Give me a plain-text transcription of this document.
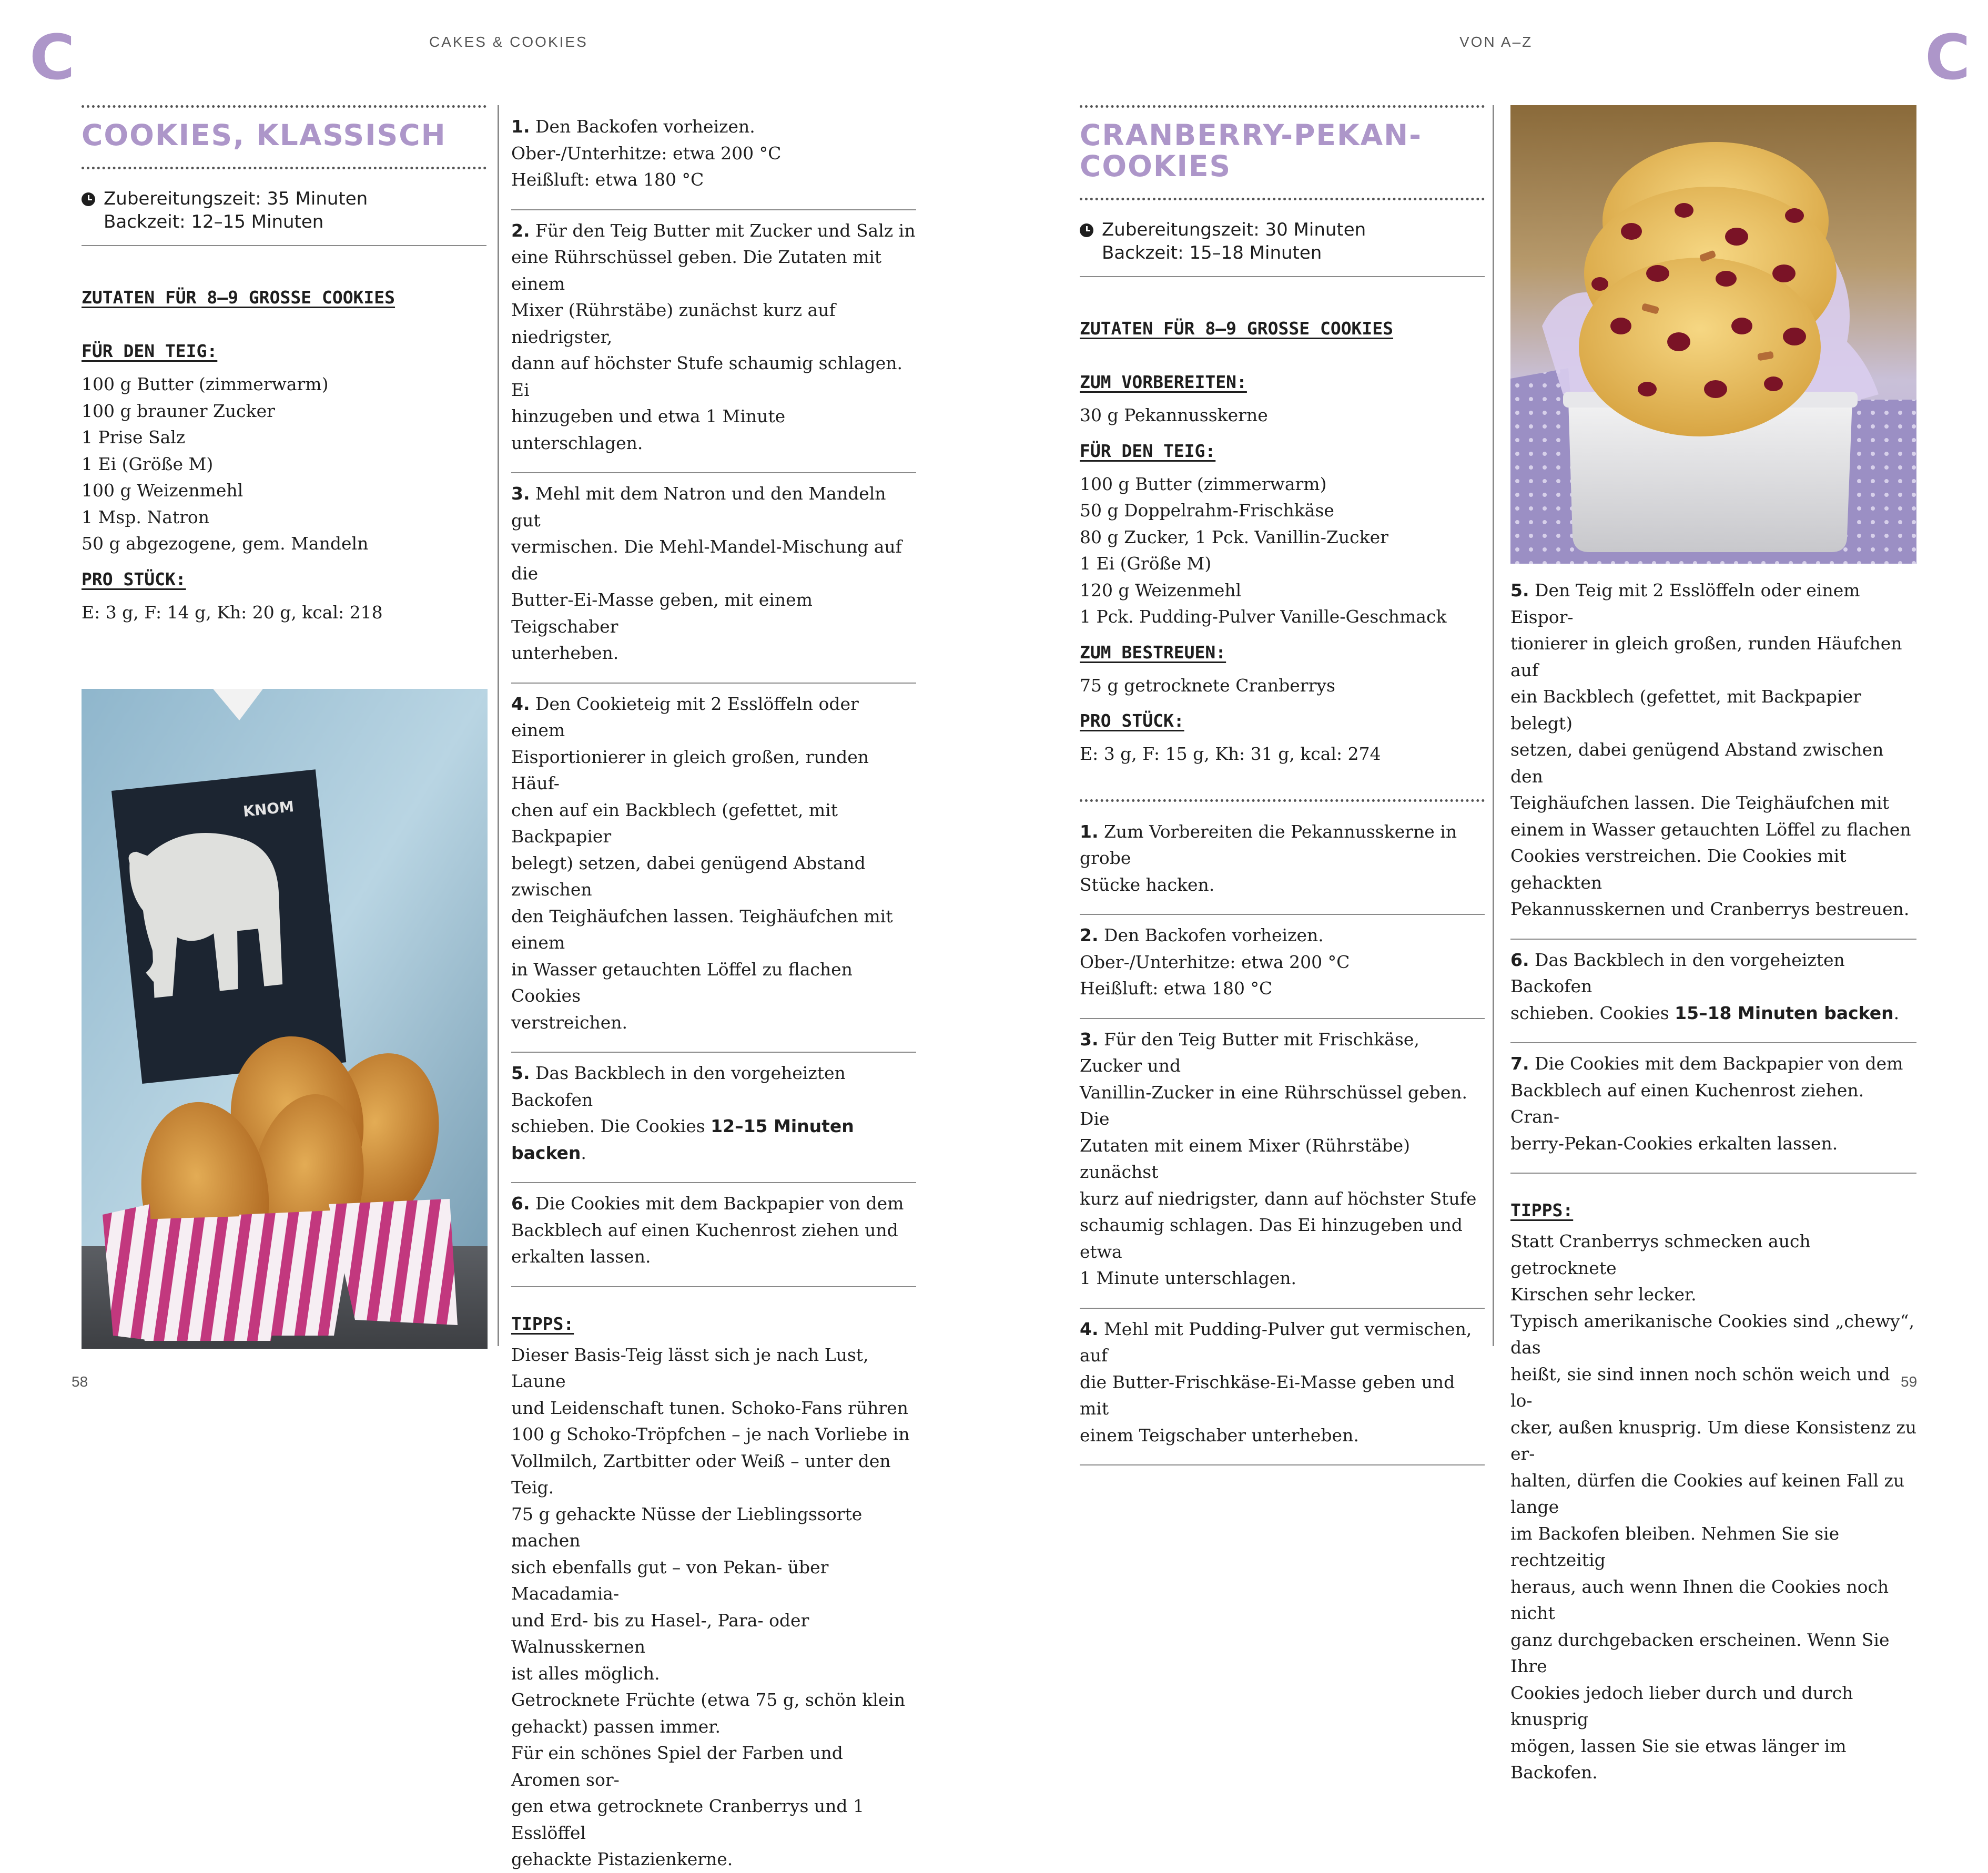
C	C
CAKES & COOKIES	VON A–Z
58	59
COOKIES, KLASSISCH
Zubereitungszeit: 35 Minuten
Backzeit: 12–15 Minuten
ZUTATEN FÜR 8–9 GROSSE COOKIES
FÜR DEN TEIG:
100 g Butter (zimmerwarm)
100 g brauner Zucker
1 Prise Salz
1 Ei (Größe M)
100 g Weizenmehl
1 Msp. Natron
50 g abgezogene, gem. Mandeln
PRO STÜCK:
E: 3 g, F: 14 g, Kh: 20 g, kcal: 218
KNOM
1. Den Backofen vorheizen.
Ober-/Unterhitze: etwa 200 °C
Heißluft: etwa 180 °C
2. Für den Teig Butter mit Zucker und Salz in
eine Rührschüssel geben. Die Zutaten mit einem
Mixer (Rührstäbe) zunächst kurz auf niedrigster,
dann auf höchster Stufe schaumig schlagen. Ei
hinzugeben und etwa 1 Minute unterschlagen.
3. Mehl mit dem Natron und den Mandeln gut
vermischen. Die Mehl-Mandel-Mischung auf die
Butter-Ei-Masse geben, mit einem Teigschaber
unterheben.
4. Den Cookieteig mit 2 Esslöffeln oder einem
Eisportionierer in gleich großen, runden Häuf-
chen auf ein Backblech (gefettet, mit Backpapier
belegt) setzen, dabei genügend Abstand zwischen
den Teighäufchen lassen. Teighäufchen mit einem
in Wasser getauchten Löffel zu flachen Cookies
verstreichen.
5. Das Backblech in den vorgeheizten Backofen
schieben. Die Cookies 12–15 Minuten backen.
6. Die Cookies mit dem Backpapier von dem
Backblech auf einen Kuchenrost ziehen und
erkalten lassen.
TIPPS:
Dieser Basis-Teig lässt sich je nach Lust, Laune
und Leidenschaft tunen. Schoko-Fans rühren
100 g Schoko-Tröpfchen – je nach Vorliebe in
Vollmilch, Zartbitter oder Weiß – unter den Teig.
75 g gehackte Nüsse der Lieblingssorte machen
sich ebenfalls gut – von Pekan- über Macadamia-
und Erd- bis zu Hasel-, Para- oder Walnusskernen
ist alles möglich.
Getrocknete Früchte (etwa 75 g, schön klein
gehackt) passen immer.
Für ein schönes Spiel der Farben und Aromen sor-
gen etwa getrocknete Cranberrys und 1 Esslöffel
gehackte Pistazienkerne.
CRANBERRY-PEKAN-
COOKIES
Zubereitungszeit: 30 Minuten
Backzeit: 15–18 Minuten
ZUTATEN FÜR 8–9 GROSSE COOKIES
ZUM VORBEREITEN:
30 g Pekannusskerne
FÜR DEN TEIG:
100 g Butter (zimmerwarm)
50 g Doppelrahm-Frischkäse
80 g Zucker, 1 Pck. Vanillin-Zucker
1 Ei (Größe M)
120 g Weizenmehl
1 Pck. Pudding-Pulver Vanille-Geschmack
ZUM BESTREUEN:
75 g getrocknete Cranberrys
PRO STÜCK:
E: 3 g, F: 15 g, Kh: 31 g, kcal: 274
1. Zum Vorbereiten die Pekannusskerne in grobe
Stücke hacken.
2. Den Backofen vorheizen.
Ober-/Unterhitze: etwa 200 °C
Heißluft: etwa 180 °C
3. Für den Teig Butter mit Frischkäse, Zucker und
Vanillin-Zucker in eine Rührschüssel geben. Die
Zutaten mit einem Mixer (Rührstäbe) zunächst
kurz auf niedrigster, dann auf höchster Stufe
schaumig schlagen. Das Ei hinzugeben und etwa
1 Minute unterschlagen.
4. Mehl mit Pudding-Pulver gut vermischen, auf
die Butter-Frischkäse-Ei-Masse geben und mit
einem Teigschaber unterheben.
5. Den Teig mit 2 Esslöffeln oder einem Eispor-
tionierer in gleich großen, runden Häufchen auf
ein Backblech (gefettet, mit Backpapier belegt)
setzen, dabei genügend Abstand zwischen den
Teighäufchen lassen. Die Teighäufchen mit
einem in Wasser getauchten Löffel zu flachen
Cookies verstreichen. Die Cookies mit gehackten
Pekannusskernen und Cranberrys bestreuen.
6. Das Backblech in den vorgeheizten Backofen
schieben. Cookies 15–18 Minuten backen.
7. Die Cookies mit dem Backpapier von dem
Backblech auf einen Kuchenrost ziehen. Cran-
berry-Pekan-Cookies erkalten lassen.
TIPPS:
Statt Cranberrys schmecken auch getrocknete
Kirschen sehr lecker.
Typisch amerikanische Cookies sind „chewy“, das
heißt, sie sind innen noch schön weich und lo-
cker, außen knusprig. Um diese Konsistenz zu er-
halten, dürfen die Cookies auf keinen Fall zu lange
im Backofen bleiben. Nehmen Sie sie rechtzeitig
heraus, auch wenn Ihnen die Cookies noch nicht
ganz durchgebacken erscheinen. Wenn Sie Ihre
Cookies jedoch lieber durch und durch knusprig
mögen, lassen Sie sie etwas länger im Backofen.
